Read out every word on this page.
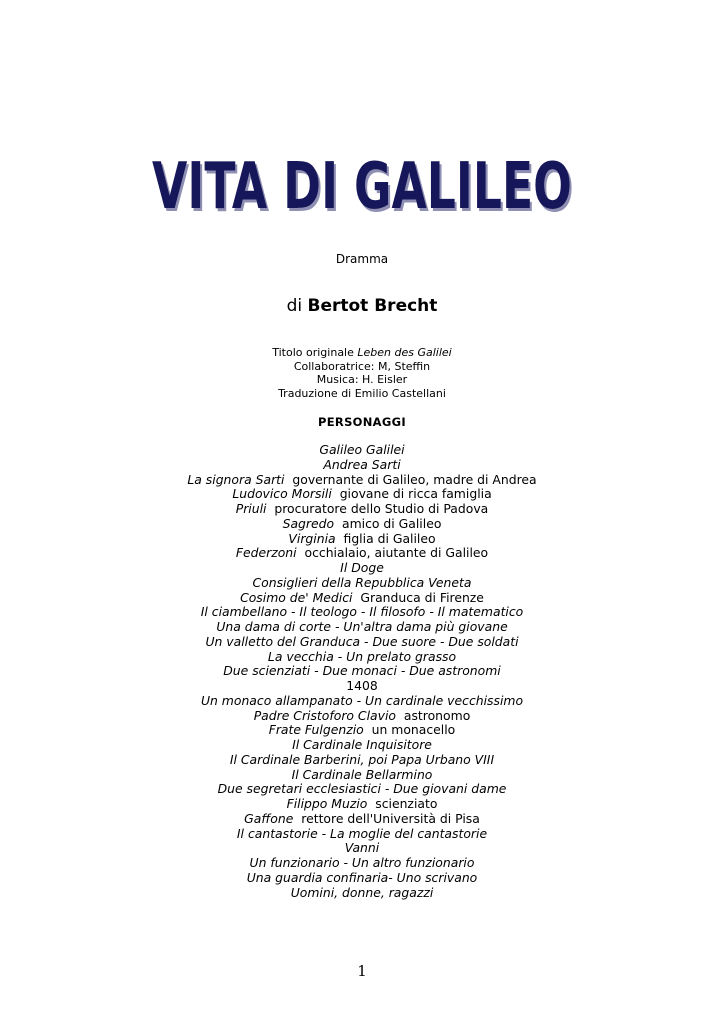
VITA DI GALILEO
Dramma
di Bertot Brecht
Titolo originale Leben des Galilei
Collaboratrice: M, Steffin
Musica: H. Eisler
Traduzione di Emilio Castellani
PERSONAGGI
Galileo Galilei
Andrea Sarti
La signora Sarti governante di Galileo, madre di Andrea
Ludovico Morsili giovane di ricca famiglia
Priuli procuratore dello Studio di Padova
Sagredo amico di Galileo
Virginia figlia di Galileo
Federzoni occhialaio, aiutante di Galileo
Il Doge
Consiglieri della Repubblica Veneta
Cosimo de' Medici Granduca di Firenze
Il ciambellano - Il teologo - Il filosofo - Il matematico
Una dama di corte - Un'altra dama più giovane
Un valletto del Granduca - Due suore - Due soldati
La vecchia - Un prelato grasso
Due scienziati - Due monaci - Due astronomi
1408
Un monaco allampanato - Un cardinale vecchissimo
Padre Cristoforo Clavio astronomo
Frate Fulgenzio un monacello
Il Cardinale Inquisitore
Il Cardinale Barberini, poi Papa Urbano VIII
Il Cardinale Bellarmino
Due segretari ecclesiastici - Due giovani dame
Filippo Muzio scienziato
Gaffone rettore dell'Università di Pisa
Il cantastorie - La moglie del cantastorie
Vanni
Un funzionario - Un altro funzionario
Una guardia confinaria- Uno scrivano
Uomini, donne, ragazzi
1
